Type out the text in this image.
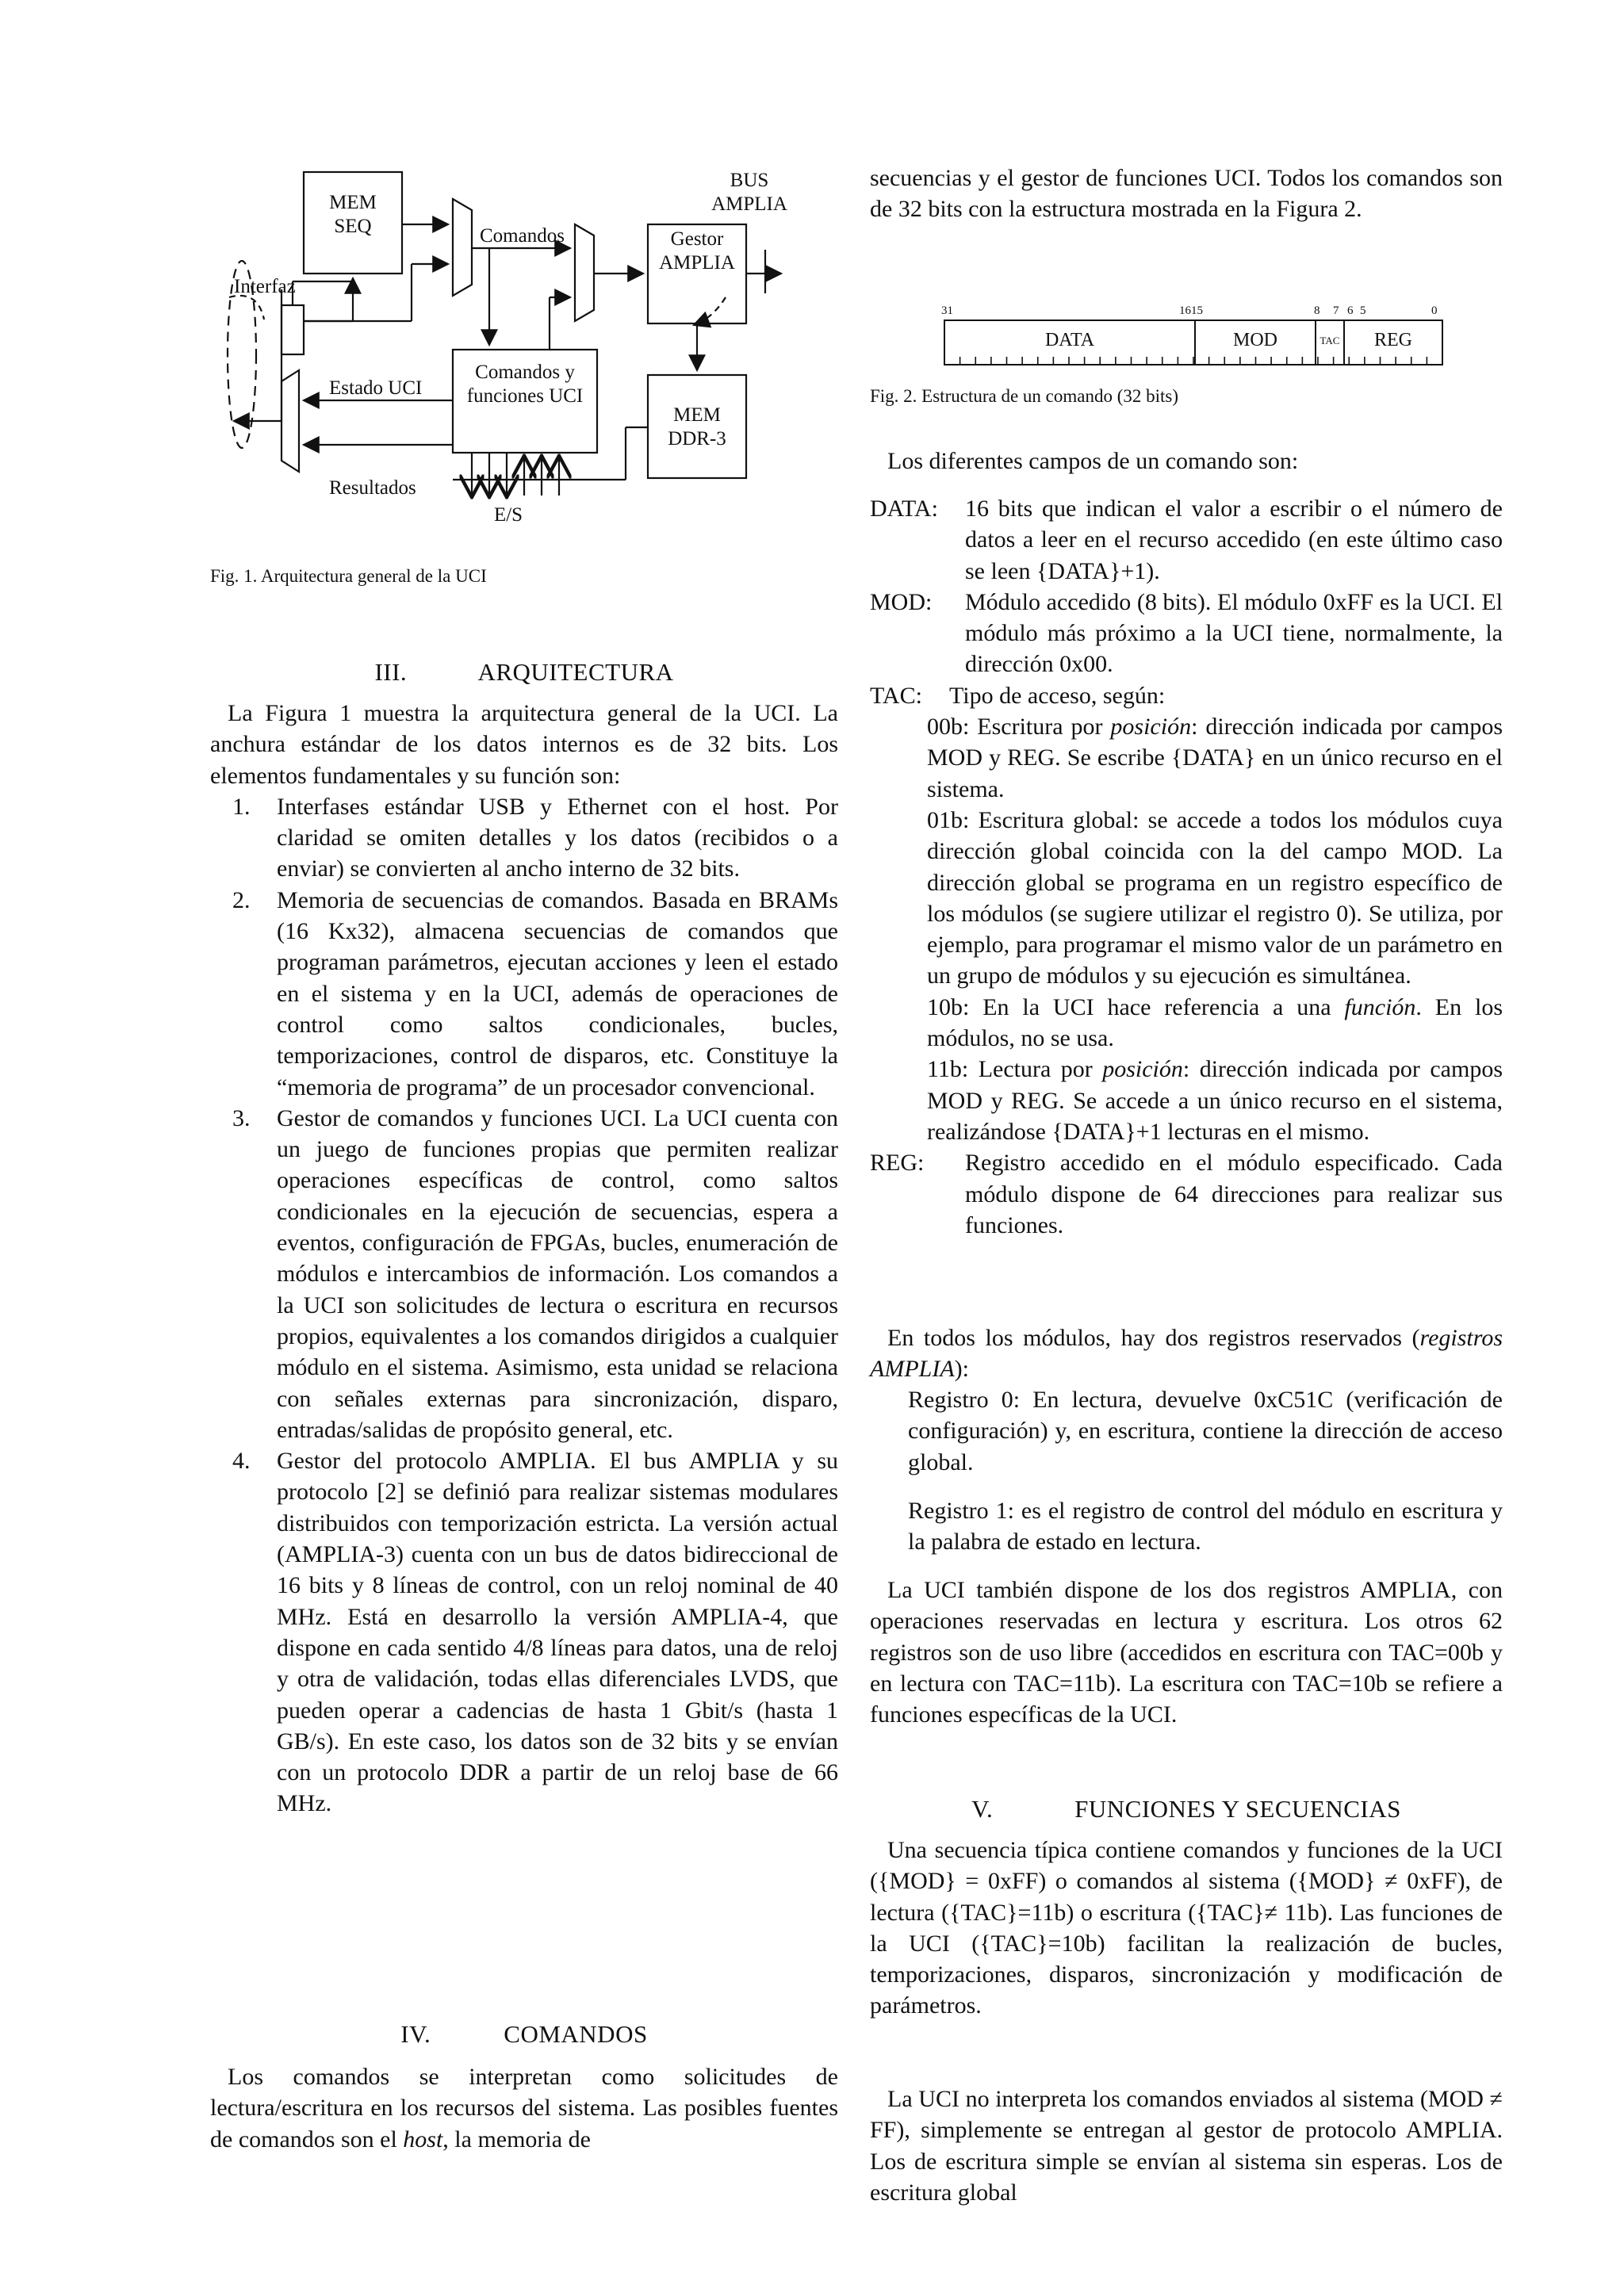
MEM
SEQ
BUS
AMPLIA
Comandos	Gestor
AMPLIA
Interfaz
Estado UCI
Comandos y
funciones UCI
MEM
DDR-3
Resultados
E/S
Fig. 1. Arquitectura general de la UCI
III.	ARQUITECTURA

La Figura 1 muestra la arquitectura general de la UCI. La anchura estándar de los datos internos es de 32 bits. Los elementos fundamentales y su función son:

1. Interfases estándar USB y Ethernet con el host. Por claridad se omiten detalles y los datos (recibidos o a enviar) se convierten al ancho interno de 32 bits.
2. Memoria de secuencias de comandos. Basada en BRAMs (16 Kx32), almacena secuencias de comandos que programan parámetros, ejecutan acciones y leen el estado en el sistema y en la UCI, además de operaciones de control como saltos condicionales, bucles, temporizaciones, control de disparos, etc. Constituye la “memoria de programa” de un procesador convencional.
3. Gestor de comandos y funciones UCI. La UCI cuenta con un juego de funciones propias que permiten realizar operaciones específicas de control, como saltos condicionales en la ejecución de secuencias, espera a eventos, configuración de FPGAs, bucles, enumeración de módulos e intercambios de información. Los comandos a la UCI son solicitudes de lectura o escritura en recursos propios, equivalentes a los comandos dirigidos a cualquier módulo en el sistema. Asimismo, esta unidad se relaciona con señales externas para sincronización, disparo, entradas/salidas de propósito general, etc.
4. Gestor del protocolo AMPLIA. El bus AMPLIA y su protocolo [2] se definió para realizar sistemas modulares distribuidos con temporización estricta. La versión actual (AMPLIA-3) cuenta con un bus de datos bidireccional de 16 bits y 8 líneas de control, con un reloj nominal de 40 MHz. Está en desarrollo la versión AMPLIA-4, que dispone en cada sentido 4/8 líneas para datos, una de reloj y otra de validación, todas ellas diferenciales LVDS, que pueden operar a cadencias de hasta 1 Gbit/s (hasta 1 GB/s). En este caso, los datos son de 32 bits y se envían con un protocolo DDR a partir de un reloj base de 66 MHz.
IV.	COMANDOS

Los comandos se interpretan como solicitudes de lectura/escritura en los recursos del sistema. Las posibles fuentes de comandos son el host, la memoria de

secuencias y el gestor de funciones UCI. Todos los comandos son de 32 bits con la estructura mostrada en la Figura 2.

31	1615	8 7 6 5	0
DATA	MOD	TAC REG
Fig. 2. Estructura de un comando (32 bits)

Los diferentes campos de un comando son:

DATA: 16 bits que indican el valor a escribir o el número de datos a leer en el recurso accedido (en este último caso se leen {DATA}+1).
MOD: Módulo accedido (8 bits). El módulo 0xFF es la UCI. El módulo más próximo a la UCI tiene, normalmente, la dirección 0x00.
TAC: Tipo de acceso, según:
00b: Escritura por posición: dirección indicada por campos MOD y REG. Se escribe {DATA} en un único recurso en el sistema.
01b: Escritura global: se accede a todos los módulos cuya dirección global coincida con la del campo MOD. La dirección global se programa en un registro específico de los módulos (se sugiere utilizar el registro 0). Se utiliza, por ejemplo, para programar el mismo valor de un parámetro en un grupo de módulos y su ejecución es simultánea.
10b: En la UCI hace referencia a una función. En los módulos, no se usa.
11b: Lectura por posición: dirección indicada por campos MOD y REG. Se accede a un único recurso en el sistema, realizándose {DATA}+1 lecturas en el mismo.
REG: Registro accedido en el módulo especificado. Cada módulo dispone de 64 direcciones para realizar sus funciones.

En todos los módulos, hay dos registros reservados (registros AMPLIA):

Registro 0: En lectura, devuelve 0xC51C (verificación de configuración) y, en escritura, contiene la dirección de acceso global.

Registro 1: es el registro de control del módulo en escritura y la palabra de estado en lectura.

La UCI también dispone de los dos registros AMPLIA, con operaciones reservadas en lectura y escritura. Los otros 62 registros son de uso libre (accedidos en escritura con TAC=00b y en lectura con TAC=11b). La escritura con TAC=10b se refiere a funciones específicas de la UCI.

V.	FUNCIONES Y SECUENCIAS

Una secuencia típica contiene comandos y funciones de la UCI ({MOD} = 0xFF) o comandos al sistema ({MOD} ≠ 0xFF), de lectura ({TAC}=11b) o escritura ({TAC}≠ 11b). Las funciones de la UCI ({TAC}=10b) facilitan la realización de bucles, temporizaciones, disparos, sincronización y modificación de parámetros.

La UCI no interpreta los comandos enviados al sistema (MOD ≠ FF), simplemente se entregan al gestor de protocolo AMPLIA. Los de escritura simple se envían al sistema sin esperas. Los de escritura global
